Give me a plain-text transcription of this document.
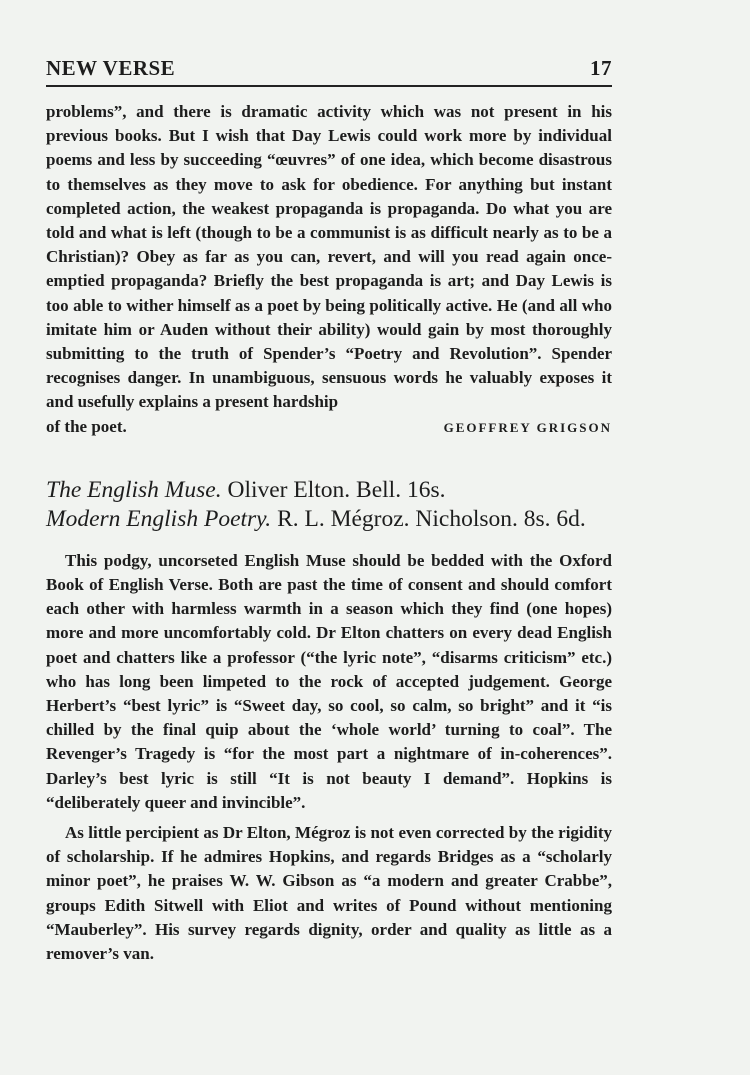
NEW VERSE	17

problems”, and there is dramatic activity which was not present in his previous books. But I wish that Day Lewis could work more by individual poems and less by succeeding “œuvres” of one idea, which become disastrous to themselves as they move to ask for obedience. For anything but instant completed action, the weakest propaganda is propaganda. Do what you are told and what is left (though to be a communist is as difficult nearly as to be a Christian)? Obey as far as you can, revert, and will you read again once-emptied propaganda? Briefly the best propaganda is art; and Day Lewis is too able to wither himself as a poet by being politically active. He (and all who imitate him or Auden without their ability) would gain by most thoroughly submitting to the truth of Spender’s “Poetry and Revolution”. Spender recognises danger. In unambiguous, sensuous words he valuably exposes it and usefully explains a present hardship

of the poet.	GEOFFREY GRIGSON
The English Muse. Oliver Elton. Bell. 16s.
Modern English Poetry. R. L. Mégroz. Nicholson. 8s. 6d.

This podgy, uncorseted English Muse should be bedded with the Oxford Book of English Verse. Both are past the time of consent and should comfort each other with harmless warmth in a season which they find (one hopes) more and more uncomfortably cold. Dr Elton chatters on every dead English poet and chatters like a professor (“the lyric note”, “disarms criticism” etc.) who has long been limpeted to the rock of accepted judgement. George Herbert’s “best lyric” is “Sweet day, so cool, so calm, so bright” and it “is chilled by the final quip about the ‘whole world’ turning to coal”. The Revenger’s Tragedy is “for the most part a nightmare of in-coherences”. Darley’s best lyric is still “It is not beauty I demand”. Hopkins is “deliberately queer and invincible”.

As little percipient as Dr Elton, Mégroz is not even corrected by the rigidity of scholarship. If he admires Hopkins, and regards Bridges as a “scholarly minor poet”, he praises W. W. Gibson as “a modern and greater Crabbe”, groups Edith Sitwell with Eliot and writes of Pound without mentioning “Mauberley”. His survey regards dignity, order and quality as little as a remover’s van.
